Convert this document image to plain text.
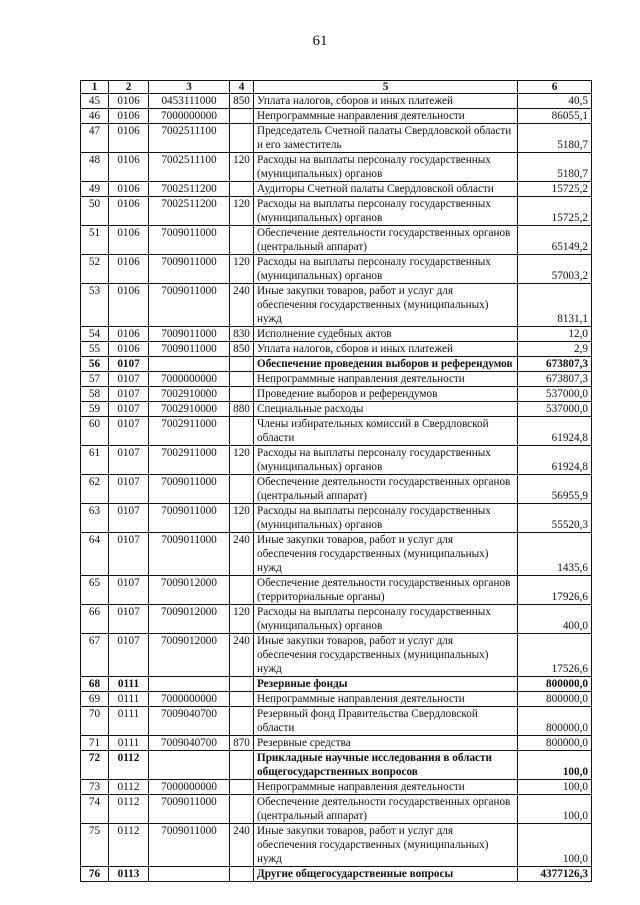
61
1	2	3	4	5	6
45	0106	0453111000	850	Уплата налогов, сборов и иных платежей	40,5
46	0106	7000000000		Непрограммные направления деятельности	86055,1
47	0106	7002511100		Председатель Счетной палаты Свердловской области и его заместитель	5180,7
48	0106	7002511100	120	Расходы на выплаты персоналу государственных (муниципальных) органов	5180,7
49	0106	7002511200		Аудиторы Счетной палаты Свердловской области	15725,2
50	0106	7002511200	120	Расходы на выплаты персоналу государственных (муниципальных) органов	15725,2
51	0106	7009011000		Обеспечение деятельности государственных органов (центральный аппарат)	65149,2
52	0106	7009011000	120	Расходы на выплаты персоналу государственных (муниципальных) органов	57003,2
53	0106	7009011000	240	Иные закупки товаров, работ и услуг для обеспечения государственных (муниципальных) нужд	8131,1
54	0106	7009011000	830	Исполнение судебных актов	12,0
55	0106	7009011000	850	Уплата налогов, сборов и иных платежей	2,9
56	0107			Обеспечение проведения выборов и референдумов	673807,3
57	0107	7000000000		Непрограммные направления деятельности	673807,3
58	0107	7002910000		Проведение выборов и референдумов	537000,0
59	0107	7002910000	880	Специальные расходы	537000,0
60	0107	7002911000		Члены избирательных комиссий в Свердловской области	61924,8
61	0107	7002911000	120	Расходы на выплаты персоналу государственных (муниципальных) органов	61924,8
62	0107	7009011000		Обеспечение деятельности государственных органов (центральный аппарат)	56955,9
63	0107	7009011000	120	Расходы на выплаты персоналу государственных (муниципальных) органов	55520,3
64	0107	7009011000	240	Иные закупки товаров, работ и услуг для обеспечения государственных (муниципальных) нужд	1435,6
65	0107	7009012000		Обеспечение деятельности государственных органов (территориальные органы)	17926,6
66	0107	7009012000	120	Расходы на выплаты персоналу государственных (муниципальных) органов	400,0
67	0107	7009012000	240	Иные закупки товаров, работ и услуг для обеспечения государственных (муниципальных) нужд	17526,6
68	0111			Резервные фонды	800000,0
69	0111	7000000000		Непрограммные направления деятельности	800000,0
70	0111	7009040700		Резервный фонд Правительства Свердловской области	800000,0
71	0111	7009040700	870	Резервные средства	800000,0
72	0112			Прикладные научные исследования в области общегосударственных вопросов	100,0
73	0112	7000000000		Непрограммные направления деятельности	100,0
74	0112	7009011000		Обеспечение деятельности государственных органов (центральный аппарат)	100,0
75	0112	7009011000	240	Иные закупки товаров, работ и услуг для обеспечения государственных (муниципальных) нужд	100,0
76	0113			Другие общегосударственные вопросы	4377126,3
